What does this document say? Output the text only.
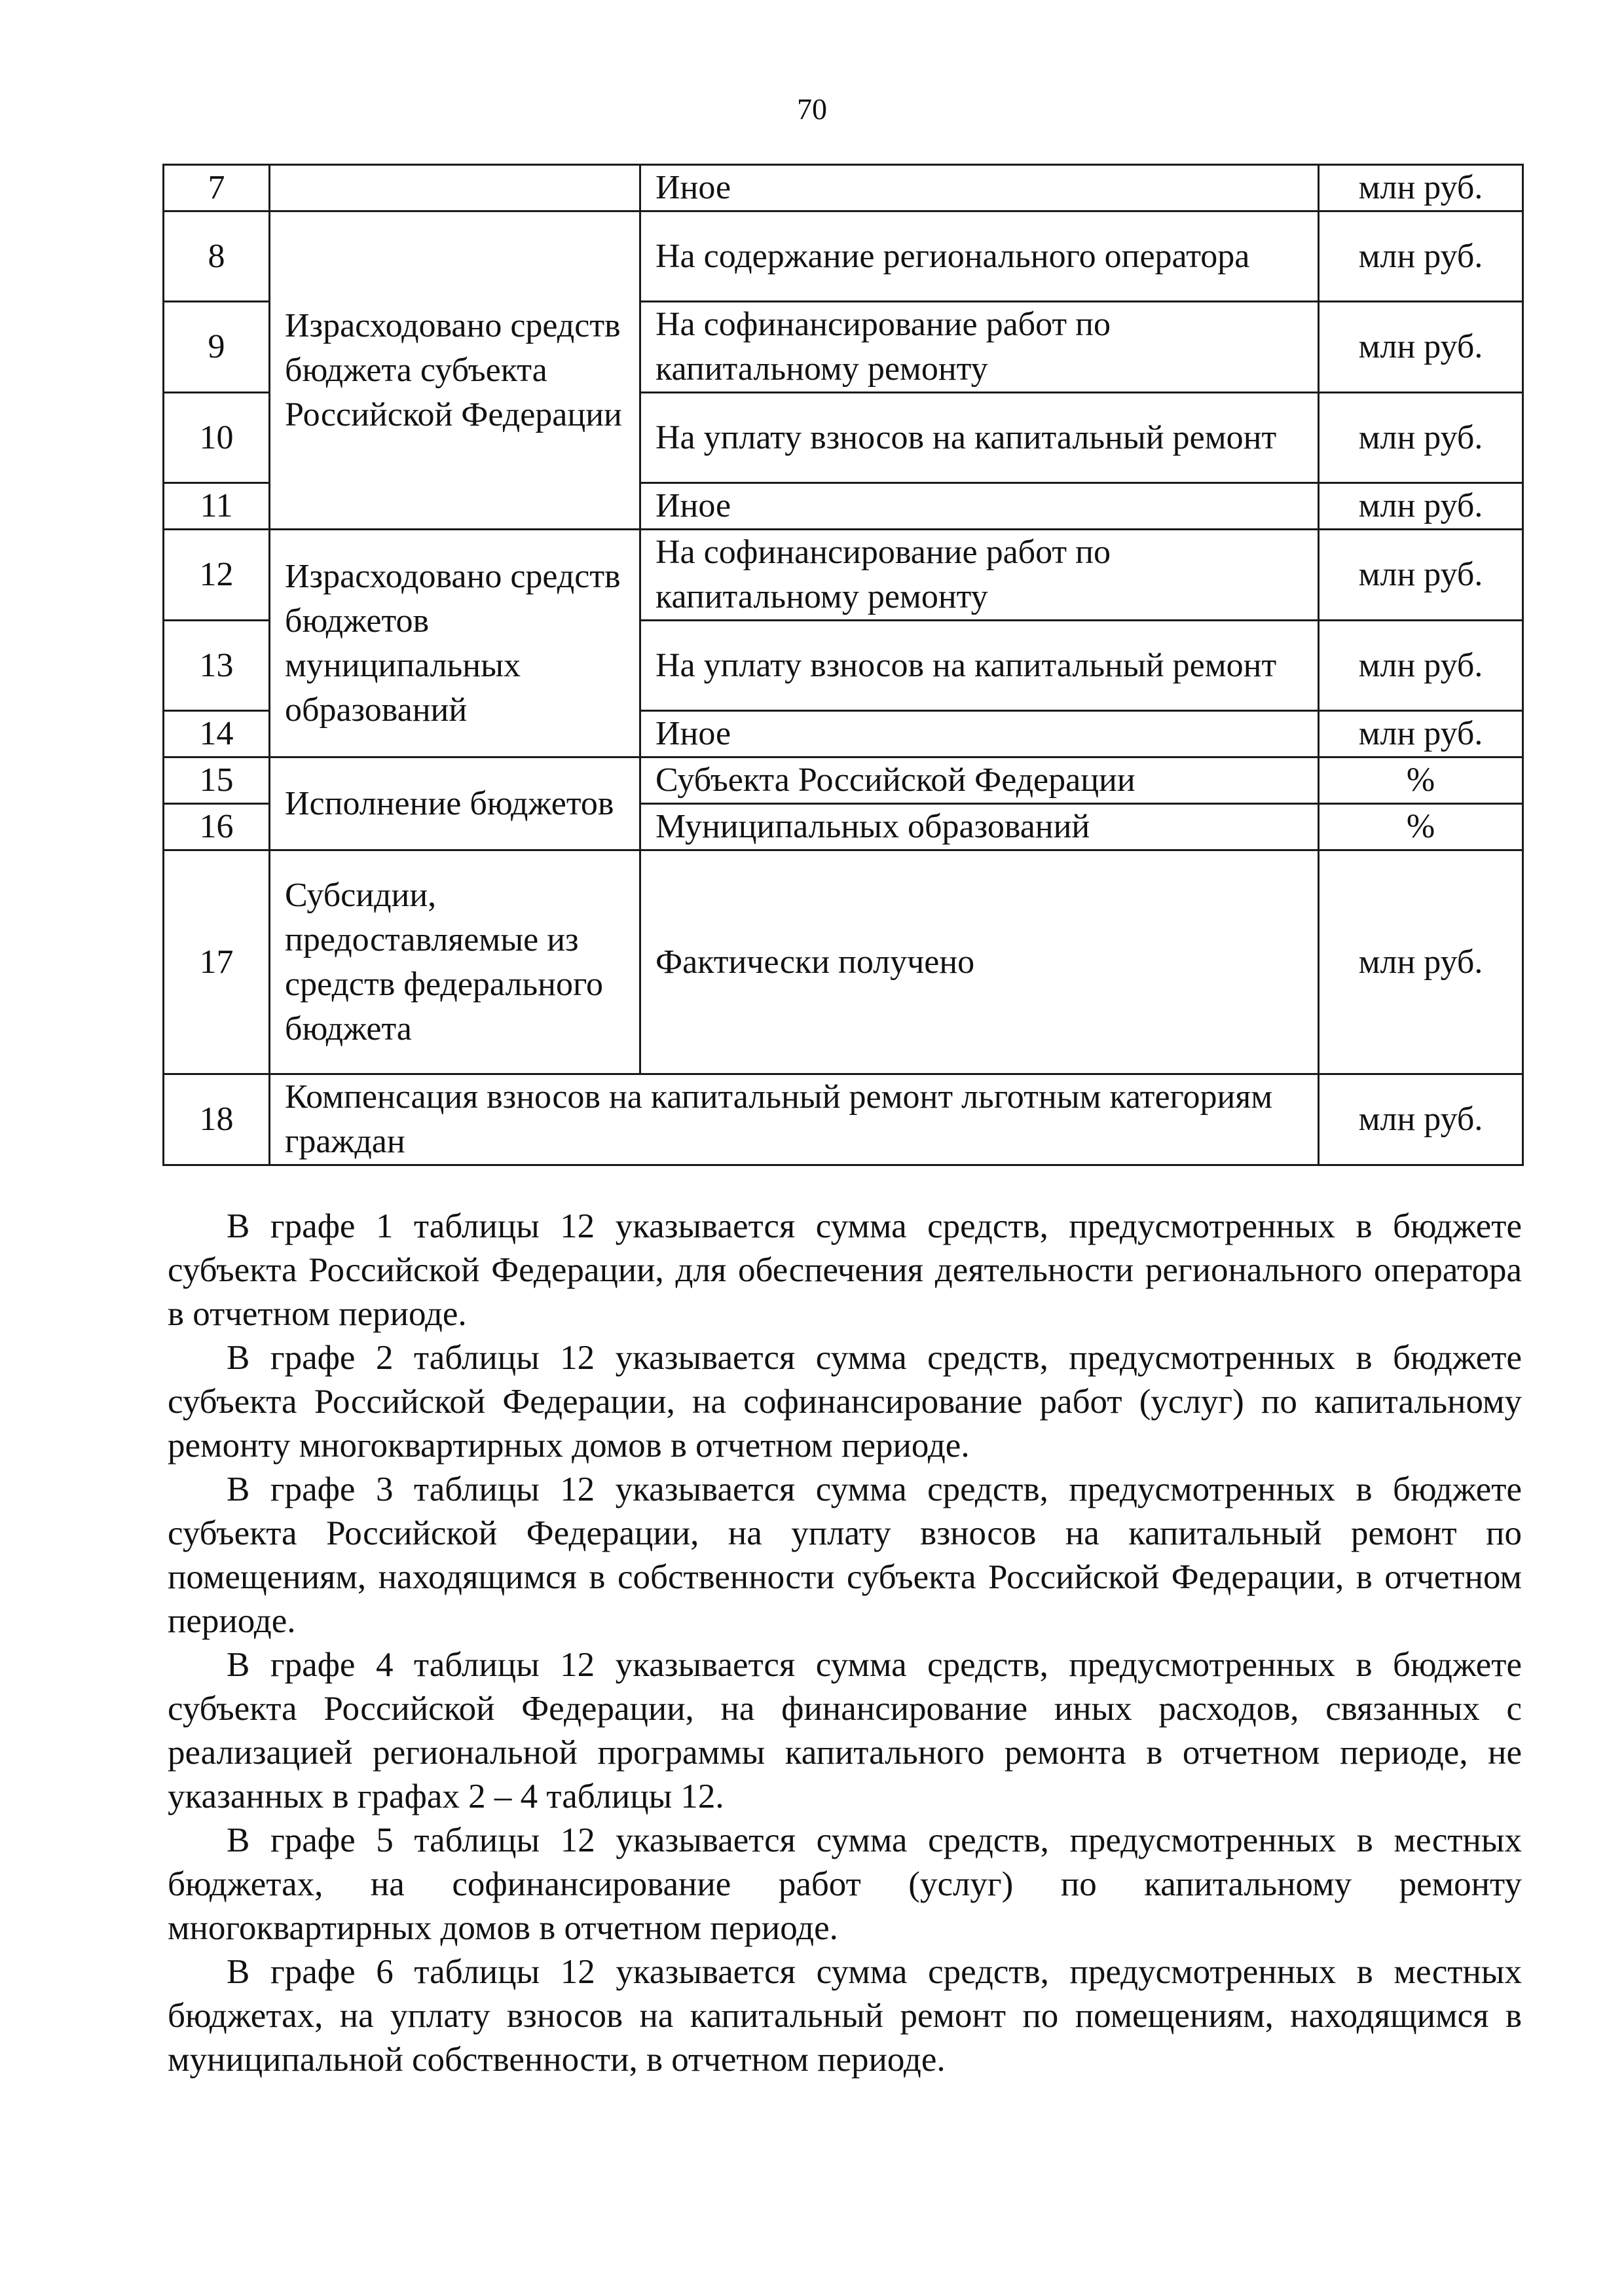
70
7		Иное	млн руб.
8	Израсходовано средств бюджета субъекта Российской Федерации	На содержание регионального оператора	млн руб.
9		На софинансирование работ по капитальному ремонту	млн руб.
10		На уплату взносов на капитальный ремонт	млн руб.
11		Иное	млн руб.
12	Израсходовано средств бюджетов муниципальных образований	На софинансирование работ по капитальному ремонту	млн руб.
13		На уплату взносов на капитальный ремонт	млн руб.
14		Иное	млн руб.
15	Исполнение бюджетов	Субъекта Российской Федерации	%
16		Муниципальных образований	%
17	Субсидии, предоставляемые из средств федерального бюджета	Фактически получено	млн руб.
18	Компенсация взносов на капитальный ремонт льготным категориям граждан		млн руб.

В графе 1 таблицы 12 указывается сумма средств, предусмотренных в бюджете субъекта Российской Федерации, для обеспечения деятельности регионального оператора в отчетном периоде.

В графе 2 таблицы 12 указывается сумма средств, предусмотренных в бюджете субъекта Российской Федерации, на софинансирование работ (услуг) по капитальному ремонту многоквартирных домов в отчетном периоде.

В графе 3 таблицы 12 указывается сумма средств, предусмотренных в бюджете субъекта Российской Федерации, на уплату взносов на капитальный ремонт по помещениям, находящимся в собственности субъекта Российской Федерации, в отчетном периоде.

В графе 4 таблицы 12 указывается сумма средств, предусмотренных в бюджете субъекта Российской Федерации, на финансирование иных расходов, связанных с реализацией региональной программы капитального ремонта в отчетном периоде, не указанных в графах 2 – 4 таблицы 12.

В графе 5 таблицы 12 указывается сумма средств, предусмотренных в местных бюджетах, на софинансирование работ (услуг) по капитальному ремонту многоквартирных домов в отчетном периоде.

В графе 6 таблицы 12 указывается сумма средств, предусмотренных в местных бюджетах, на уплату взносов на капитальный ремонт по помещениям, находящимся в муниципальной собственности, в отчетном периоде.
